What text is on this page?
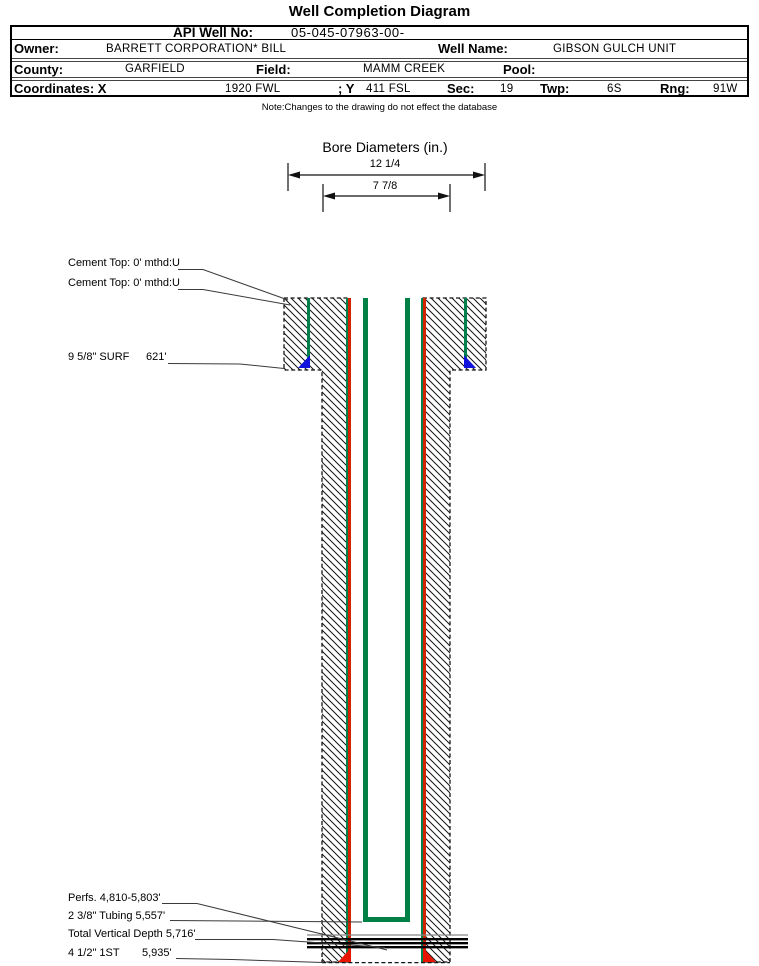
Well Completion Diagram
API Well No:	05-045-07963-00-
Owner:	BARRETT CORPORATION* BILL	Well Name:	GIBSON GULCH UNIT
County:	GARFIELD	Field:	MAMM CREEK	Pool:
Coordinates: X	1920 FWL	; Y 411 FSL	Sec: 19 Twp:	6S	Rng: 91W
Note:Changes to the drawing do not effect the database
Bore Diameters (in.)
12 1/4
7 7/8
Cement Top: 0' mthd:U
Cement Top: 0' mthd:U
9 5/8" SURF 621'
Perfs. 4,810-5,803'
2 3/8" Tubing 5,557'
Total Vertical Depth 5,716'
4 1/2" 1ST 5,935'
